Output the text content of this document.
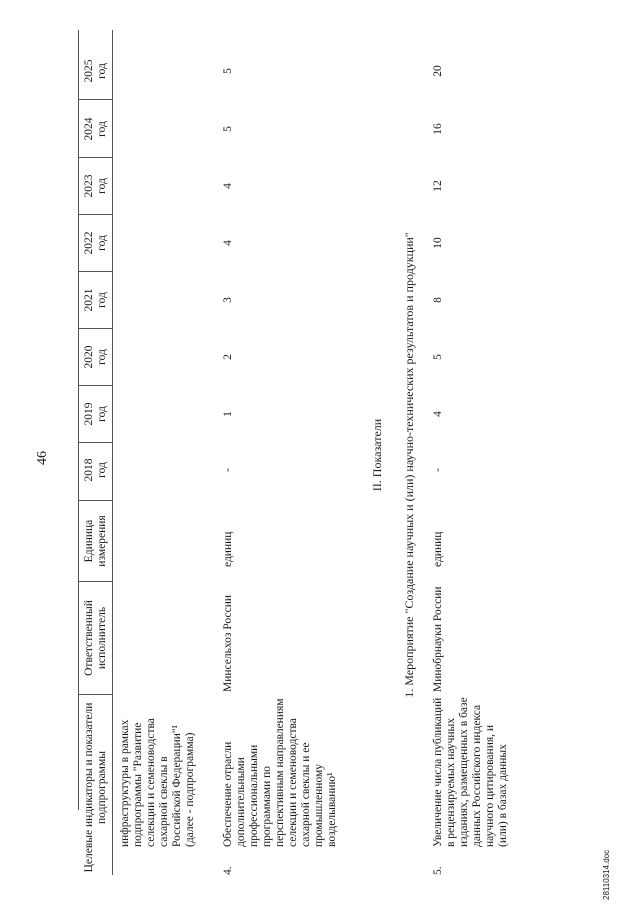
46
Целевые индикаторы и показатели подпрограммы
Ответственный исполнитель
Единица измерения
2018 год
2019 год
2020 год
2021 год
2022 год
2023 год
2024 год
2025 год
инфраструктуры в рамках подпрограммы "Развитие селекции и семеноводства сахарной свеклы в Российской Федерации"¹ (далее - подпрограмма)
4.
Обеспечение отрасли дополнительными профессиональными программами по перспективным направлениям селекции и семеноводства сахарной свеклы и ее промышленному возделыванию¹
Минсельхоз России
единиц
-
1
2
3
4
4
5
5
II. Показатели 1. Мероприятие "Создание научных и (или) научно-технических результатов и продукции"
5.
Увеличение числа публикаций в рецензируемых научных изданиях, размещенных в базе данных Российского индекса научного цитирования, и (или) в базах данных
Минобрнауки России
единиц
-
4
5
8
10
12
16
20
28110314.doc
